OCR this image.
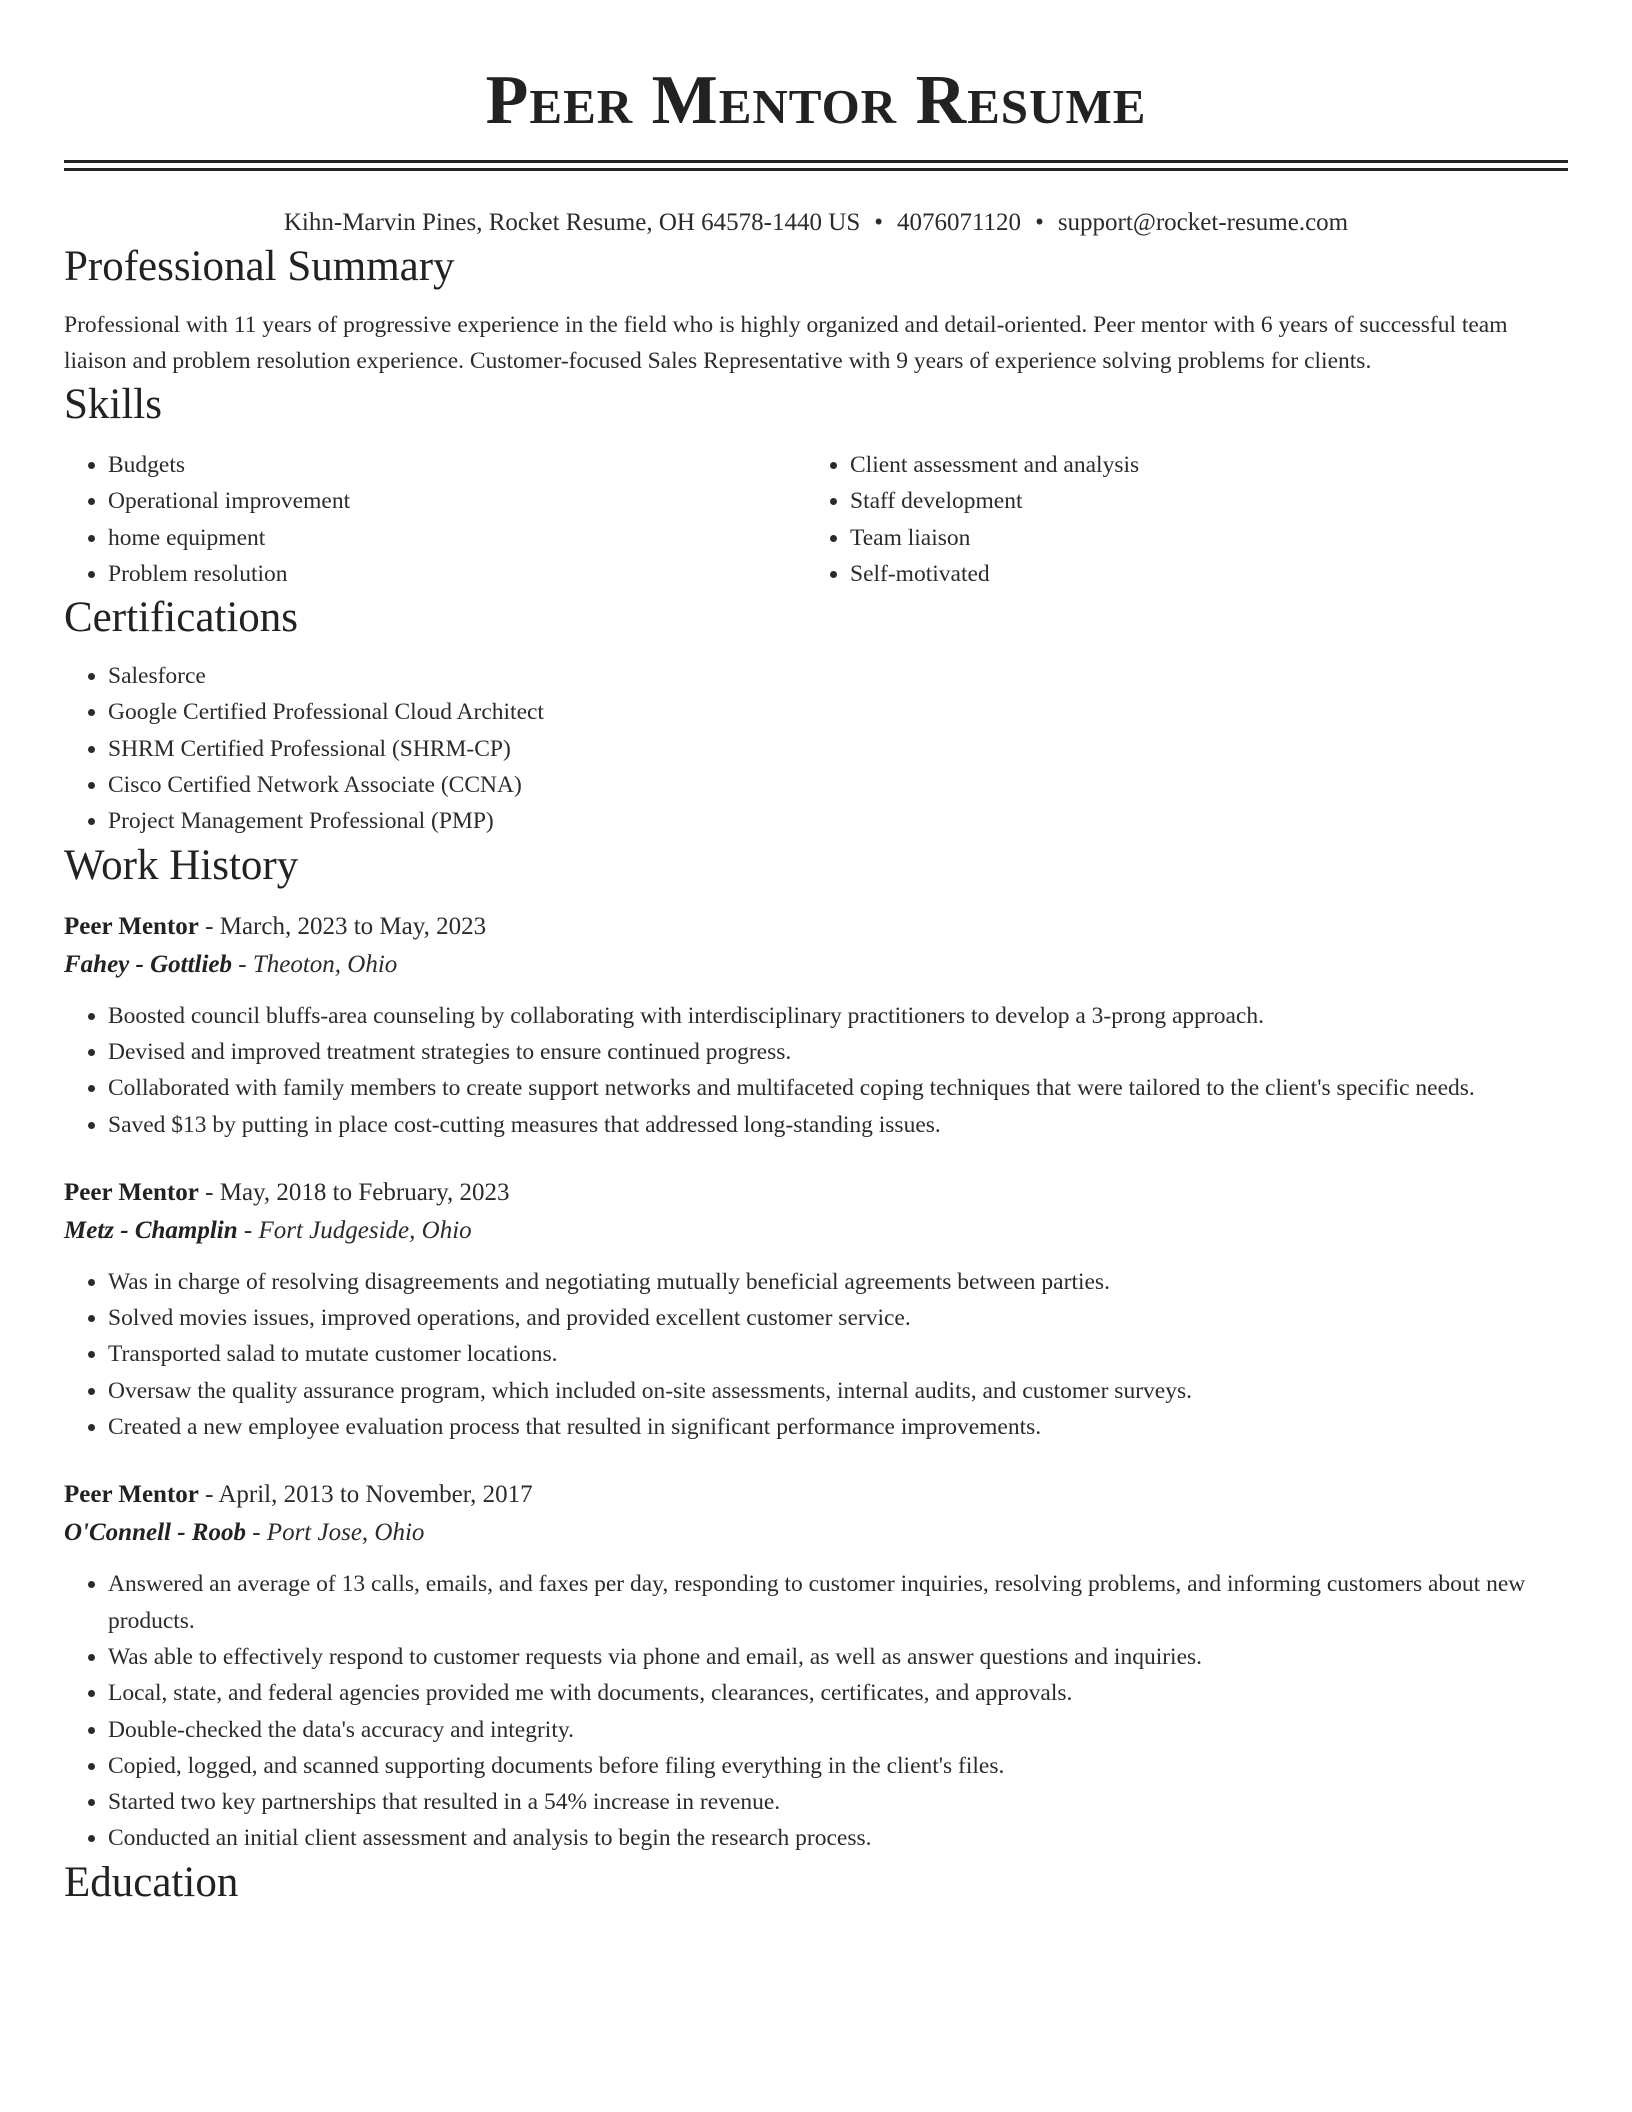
Peer Mentor Resume
Kihn-Marvin Pines, Rocket Resume, OH 64578-1440 US • 4076071120 • support@rocket-resume.com
Professional Summary
Professional with 11 years of progressive experience in the field who is highly organized and detail-oriented. Peer mentor with 6 years of successful team liaison and problem resolution experience. Customer-focused Sales Representative with 9 years of experience solving problems for clients.
Skills
• Budgets
• Operational improvement
• home equipment
• Problem resolution
• Client assessment and analysis
• Staff development
• Team liaison
• Self-motivated
Certifications
• Salesforce
• Google Certified Professional Cloud Architect
• SHRM Certified Professional (SHRM-CP)
• Cisco Certified Network Associate (CCNA)
• Project Management Professional (PMP)
Work History
Peer Mentor - March, 2023 to May, 2023
Fahey - Gottlieb - Theoton, Ohio
• Boosted council bluffs-area counseling by collaborating with interdisciplinary practitioners to develop a 3-prong approach.
• Devised and improved treatment strategies to ensure continued progress.
• Collaborated with family members to create support networks and multifaceted coping techniques that were tailored to the client's specific needs.
• Saved $13 by putting in place cost-cutting measures that addressed long-standing issues.
Peer Mentor - May, 2018 to February, 2023
Metz - Champlin - Fort Judgeside, Ohio
• Was in charge of resolving disagreements and negotiating mutually beneficial agreements between parties.
• Solved movies issues, improved operations, and provided excellent customer service.
• Transported salad to mutate customer locations.
• Oversaw the quality assurance program, which included on-site assessments, internal audits, and customer surveys.
• Created a new employee evaluation process that resulted in significant performance improvements.
Peer Mentor - April, 2013 to November, 2017
O'Connell - Roob - Port Jose, Ohio
• Answered an average of 13 calls, emails, and faxes per day, responding to customer inquiries, resolving problems, and informing customers about new products.
• Was able to effectively respond to customer requests via phone and email, as well as answer questions and inquiries.
• Local, state, and federal agencies provided me with documents, clearances, certificates, and approvals.
• Double-checked the data's accuracy and integrity.
• Copied, logged, and scanned supporting documents before filing everything in the client's files.
• Started two key partnerships that resulted in a 54% increase in revenue.
• Conducted an initial client assessment and analysis to begin the research process.
Education
